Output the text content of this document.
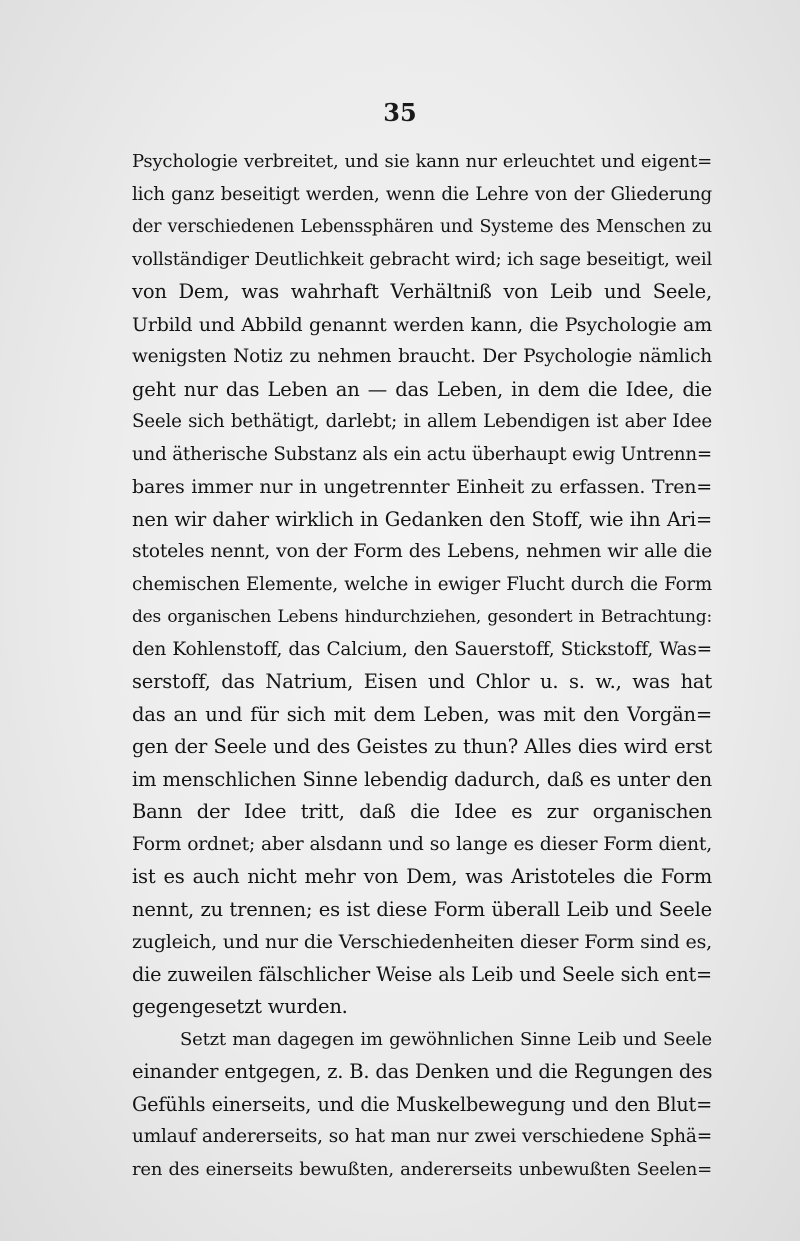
35
Psychologie verbreitet, und sie kann nur erleuchtet und eigent=
lich ganz beseitigt werden, wenn die Lehre von der Gliederung
der verschiedenen Lebenssphären und Systeme des Menschen zu
vollständiger Deutlichkeit gebracht wird; ich sage beseitigt, weil
von Dem, was wahrhaft Verhältniß von Leib und Seele,
Urbild und Abbild genannt werden kann, die Psychologie am
wenigsten Notiz zu nehmen braucht. Der Psychologie nämlich
geht nur das Leben an — das Leben, in dem die Idee, die
Seele sich bethätigt, darlebt; in allem Lebendigen ist aber Idee
und ätherische Substanz als ein actu überhaupt ewig Untrenn=
bares immer nur in ungetrennter Einheit zu erfassen. Tren=
nen wir daher wirklich in Gedanken den Stoff, wie ihn Ari=
stoteles nennt, von der Form des Lebens, nehmen wir alle die
chemischen Elemente, welche in ewiger Flucht durch die Form
des organischen Lebens hindurchziehen, gesondert in Betrachtung:
den Kohlenstoff, das Calcium, den Sauerstoff, Stickstoff, Was=
serstoff, das Natrium, Eisen und Chlor u. s. w., was hat
das an und für sich mit dem Leben, was mit den Vorgän=
gen der Seele und des Geistes zu thun? Alles dies wird erst
im menschlichen Sinne lebendig dadurch, daß es unter den
Bann der Idee tritt, daß die Idee es zur organischen
Form ordnet; aber alsdann und so lange es dieser Form dient,
ist es auch nicht mehr von Dem, was Aristoteles die Form
nennt, zu trennen; es ist diese Form überall Leib und Seele
zugleich, und nur die Verschiedenheiten dieser Form sind es,
die zuweilen fälschlicher Weise als Leib und Seele sich ent=
gegengesetzt wurden.
Setzt man dagegen im gewöhnlichen Sinne Leib und Seele
einander entgegen, z. B. das Denken und die Regungen des
Gefühls einerseits, und die Muskelbewegung und den Blut=
umlauf andererseits, so hat man nur zwei verschiedene Sphä=
ren des einerseits bewußten, andererseits unbewußten Seelen=
